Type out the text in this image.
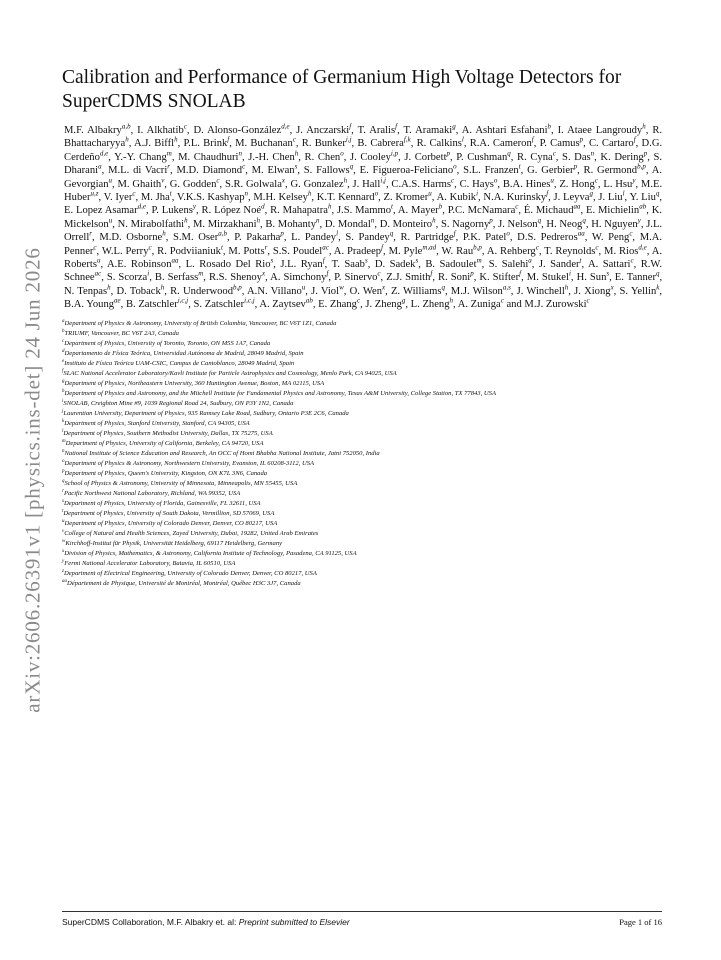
arXiv:2606.26391v1 [physics.ins-det] 24 Jun 2026
Calibration and Performance of Germanium High Voltage Detectors for SuperCDMS SNOLAB
M.F. Albakry$^{a,b}$, I. Alkhatib$^c$, D. Alonso-González$^{d,e}$, J. Anczarski$^f$, T. Aralis$^f$, T. Aramaki$^g$, A. Ashtari Esfahani$^b$, I. Ataee Langroudy$^h$, R. Bhattacharyya$^h$, A.J. Biffl$^h$, P.L. Brink$^f$, M. Buchanan$^c$, R. Bunker$^{i,j}$, B. Cabrera$^{f,k}$, R. Calkins$^l$, R.A. Cameron$^f$, P. Camus$^p$, C. Cartaro$^f$, D.G. Cerdeño$^{d,e}$, Y.-Y. Chang$^m$, M. Chaudhuri$^n$, J.-H. Chen$^h$, R. Chen$^o$, J. Cooley$^{i,p}$, J. Corbett$^p$, P. Cushman$^q$, R. Cyna$^c$, S. Das$^n$, K. Dering$^p$, S. Dharani$^a$, M.L. di Vacri$^r$, M.D. Diamond$^c$, M. Elwan$^s$, S. Fallows$^q$, E. Figueroa-Feliciano$^o$, S.L. Franzen$^t$, G. Gerbier$^p$, R. Germond$^{b,p}$, A. Gevorgian$^u$, M. Ghaith$^v$, G. Godden$^c$, S.R. Golwala$^x$, G. Gonzalez$^h$, J. Hall$^{i,j}$, C.A.S. Harms$^c$, C. Hays$^o$, B.A. Hines$^u$, Z. Hong$^c$, L. Hsu$^y$, M.E. Huber$^{u,z}$, V. Iyer$^c$, M. Jha$^t$, V.K.S. Kashyap$^n$, M.H. Kelsey$^h$, K.T. Kennard$^o$, Z. Kromer$^u$, A. Kubik$^i$, N.A. Kurinsky$^f$, J. Leyva$^g$, J. Liu$^l$, Y. Liu$^q$, E. Lopez Asamar$^{d,e}$, P. Lukens$^y$, R. López Noé$^d$, R. Mahapatra$^h$, J.S. Mammo$^t$, A. Mayer$^b$, P.C. McNamara$^c$, É. Michaud$^{aa}$, E. Michielin$^{ab}$, K. Mickelson$^u$, N. Mirabolfathi$^h$, M. Mirzakhani$^h$, B. Mohanty$^n$, D. Mondal$^n$, D. Monteiro$^h$, S. Nagorny$^p$, J. Nelson$^q$, H. Neog$^q$, H. Nguyen$^y$, J.L. Orrell$^r$, M.D. Osborne$^h$, S.M. Oser$^{a,b}$, P. Pakarha$^p$, L. Pandey$^l$, S. Pandey$^q$, R. Partridge$^f$, P.K. Patel$^o$, D.S. Pedreros$^{aa}$, W. Peng$^c$, M.A. Penner$^c$, W.L. Perry$^c$, R. Podviianiuk$^t$, M. Potts$^r$, S.S. Poudel$^{ac}$, A. Pradeep$^f$, M. Pyle$^{m,ad}$, W. Rau$^{b,p}$, A. Rehberg$^c$, T. Reynolds$^c$, M. Rios$^{d,e}$, A. Roberts$^u$, A.E. Robinson$^{aa}$, L. Rosado Del Rio$^s$, J.L. Ryan$^f$, T. Saab$^s$, D. Sadek$^s$, B. Sadoulet$^m$, S. Salehi$^a$, J. Sander$^t$, A. Sattari$^c$, R.W. Schnee$^{ac}$, S. Scorza$^i$, B. Serfass$^m$, R.S. Shenoy$^x$, A. Simchony$^f$, P. Sinervo$^c$, Z.J. Smith$^f$, R. Soni$^p$, K. Stifter$^f$, M. Stukel$^i$, H. Sun$^s$, E. Tanner$^q$, N. Tenpas$^h$, D. Toback$^h$, R. Underwood$^{b,p}$, A.N. Villano$^u$, J. Viol$^w$, O. Wen$^x$, Z. Williams$^q$, M.J. Wilson$^{a,s}$, J. Winchell$^h$, J. Xiong$^x$, S. Yellin$^k$, B.A. Young$^{ae}$, B. Zatschler$^{i,c,j}$, S. Zatschler$^{i,c,j}$, A. Zaytsev$^{ab}$, E. Zhang$^c$, J. Zheng$^g$, L. Zheng$^h$, A. Zuniga$^c$ and M.J. Zurowski$^c$
$^a$Department of Physics & Astronomy, University of British Columbia, Vancouver, BC V6T 1Z1, Canada
$^b$TRIUMF, Vancouver, BC V6T 2A3, Canada
$^c$Department of Physics, University of Toronto, Toronto, ON M5S 1A7, Canada
$^d$Departamento de Física Teórica, Universidad Autónoma de Madrid, 28049 Madrid, Spain
$^e$Instituto de Física Teórica UAM-CSIC, Campus de Cantoblanco, 28049 Madrid, Spain
$^f$SLAC National Accelerator Laboratory/Kavli Institute for Particle Astrophysics and Cosmology, Menlo Park, CA 94025, USA
$^g$Department of Physics, Northeastern University, 360 Huntington Avenue, Boston, MA 02115, USA
$^h$Department of Physics and Astronomy, and the Mitchell Institute for Fundamental Physics and Astronomy, Texas A&M University, College Station, TX 77843, USA
$^i$SNOLAB, Creighton Mine #9, 1039 Regional Road 24, Sudbury, ON P3Y 1N2, Canada
$^j$Laurentian University, Department of Physics, 935 Ramsey Lake Road, Sudbury, Ontario P3E 2C6, Canada
$^k$Department of Physics, Stanford University, Stanford, CA 94305, USA
$^l$Department of Physics, Southern Methodist University, Dallas, TX 75275, USA
$^m$Department of Physics, University of California, Berkeley, CA 94720, USA
$^n$National Institute of Science Education and Research, An OCC of Homi Bhabha National Institute, Jatni 752050, India
$^o$Department of Physics & Astronomy, Northwestern University, Evanston, IL 60208-3112, USA
$^p$Department of Physics, Queen's University, Kingston, ON K7L 3N6, Canada
$^q$School of Physics & Astronomy, University of Minnesota, Minneapolis, MN 55455, USA
$^r$Pacific Northwest National Laboratory, Richland, WA 99352, USA
$^s$Department of Physics, University of Florida, Gainesville, FL 32611, USA
$^t$Department of Physics, University of South Dakota, Vermillion, SD 57069, USA
$^u$Department of Physics, University of Colorado Denver, Denver, CO 80217, USA
$^v$College of Natural and Health Sciences, Zayed University, Dubai, 19282, United Arab Emirates
$^w$Kirchhoff-Institut für Physik, Universität Heidelberg, 69117 Heidelberg, Germany
$^x$Division of Physics, Mathematics, & Astronomy, California Institute of Technology, Pasadena, CA 91125, USA
$^y$Fermi National Accelerator Laboratory, Batavia, IL 60510, USA
$^z$Department of Electrical Engineering, University of Colorado Denver, Denver, CO 80217, USA
$^{aa}$Département de Physique, Université de Montréal, Montréal, Québec H3C 3J7, Canada
SuperCDMS Collaboration, M.F. Albakry et. al: Preprint submitted to Elsevier	Page 1 of 16
